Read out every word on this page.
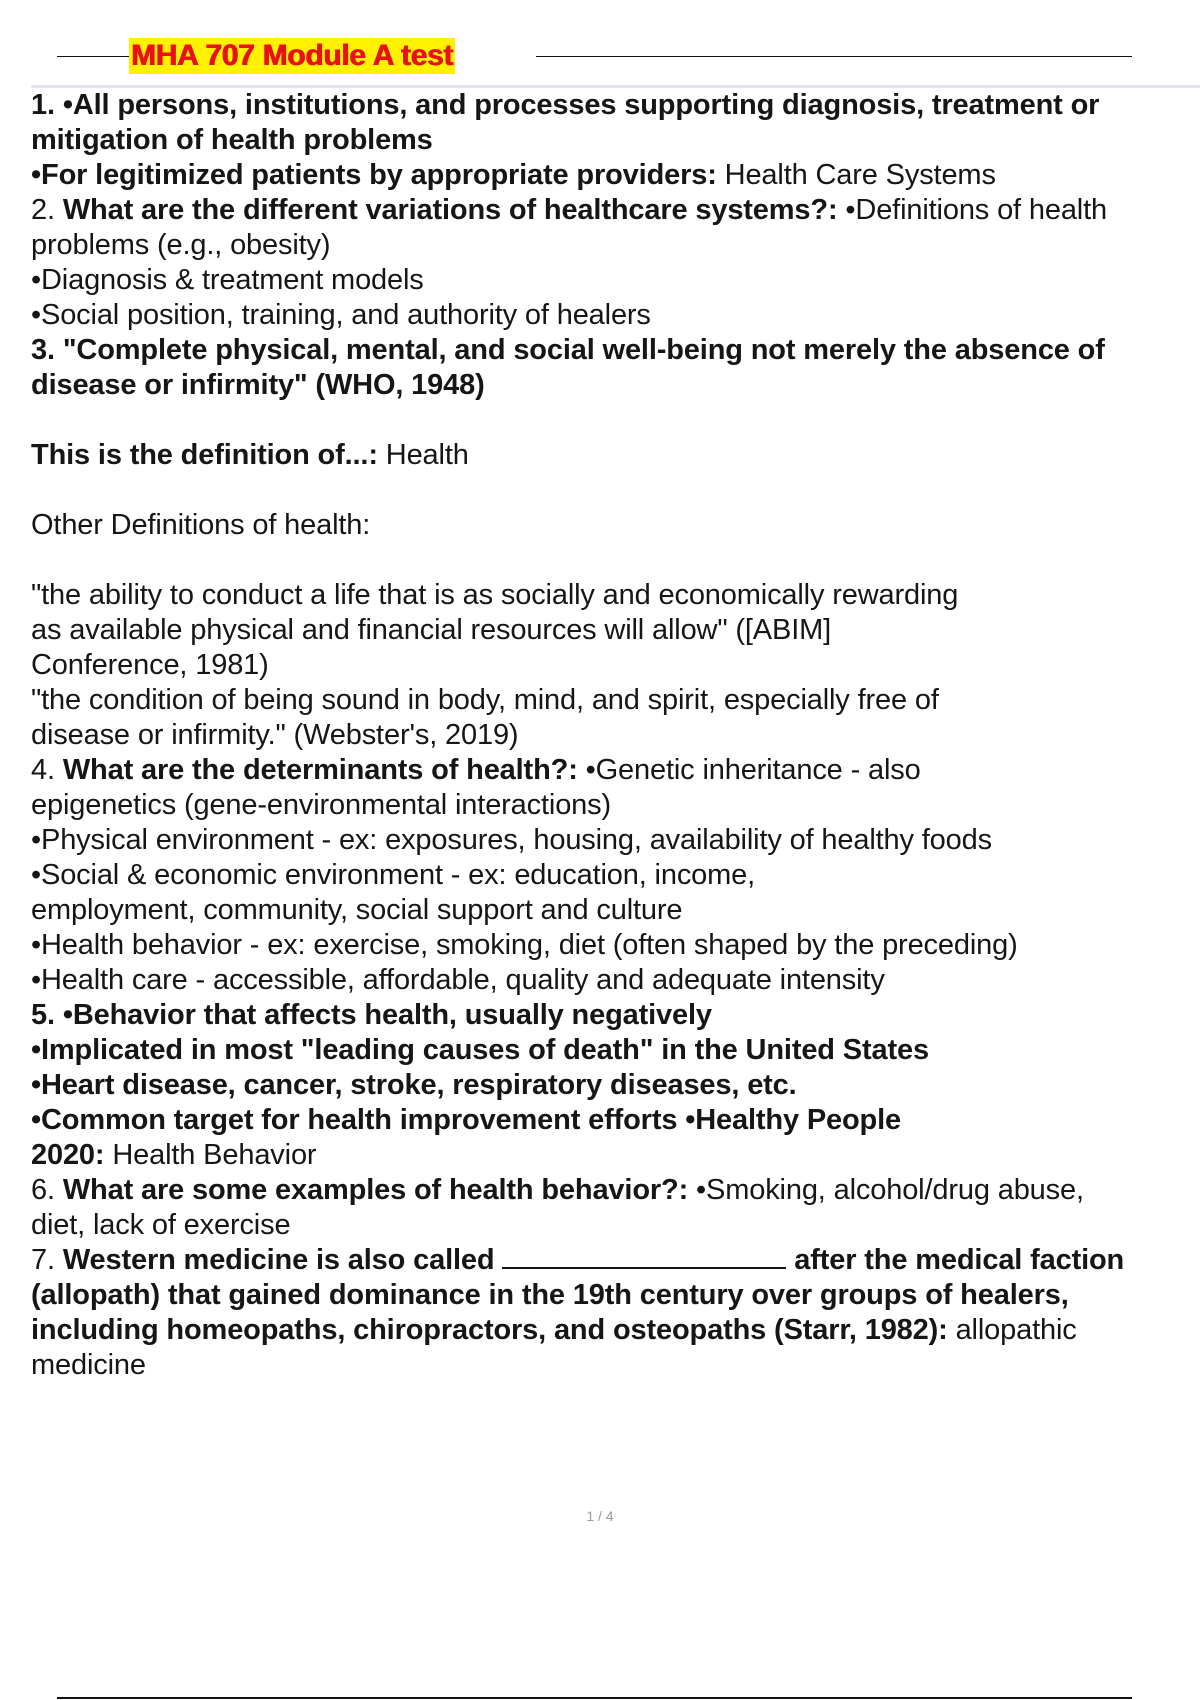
MHA 707 Module A test

1. •All persons, institutions, and processes supporting diagnosis, treatment or mitigation of health problems

•For legitimized patients by appropriate providers: Health Care Systems

2. What are the different variations of healthcare systems?: •Definitions of health problems (e.g., obesity)

•Diagnosis & treatment models

•Social position, training, and authority of healers

3. "Complete physical, mental, and social well-being not merely the absence of disease or infirmity" (WHO, 1948)

This is the definition of...: Health

Other Definitions of health:

"the ability to conduct a life that is as socially and economically rewarding as available physical and financial resources will allow" ([ABIM] Conference, 1981)

"the condition of being sound in body, mind, and spirit, especially free of disease or infirmity." (Webster's, 2019)

4. What are the determinants of health?: •Genetic inheritance - also epigenetics (gene-environmental interactions)

•Physical environment - ex: exposures, housing, availability of healthy foods

•Social & economic environment - ex: education, income, employment, community, social support and culture

•Health behavior - ex: exercise, smoking, diet (often shaped by the preceding)

•Health care - accessible, affordable, quality and adequate intensity

5. •Behavior that affects health, usually negatively

•Implicated in most "leading causes of death" in the United States

•Heart disease, cancer, stroke, respiratory diseases, etc.

•Common target for health improvement efforts •Healthy People 2020: Health Behavior

6. What are some examples of health behavior?: •Smoking, alcohol/drug abuse, diet, lack of exercise

7. Western medicine is also called	after the medical faction (allopath) that gained dominance in the 19th century over groups of healers, including homeopaths, chiropractors, and osteopaths (Starr, 1982): allopathic medicine

1 / 4
